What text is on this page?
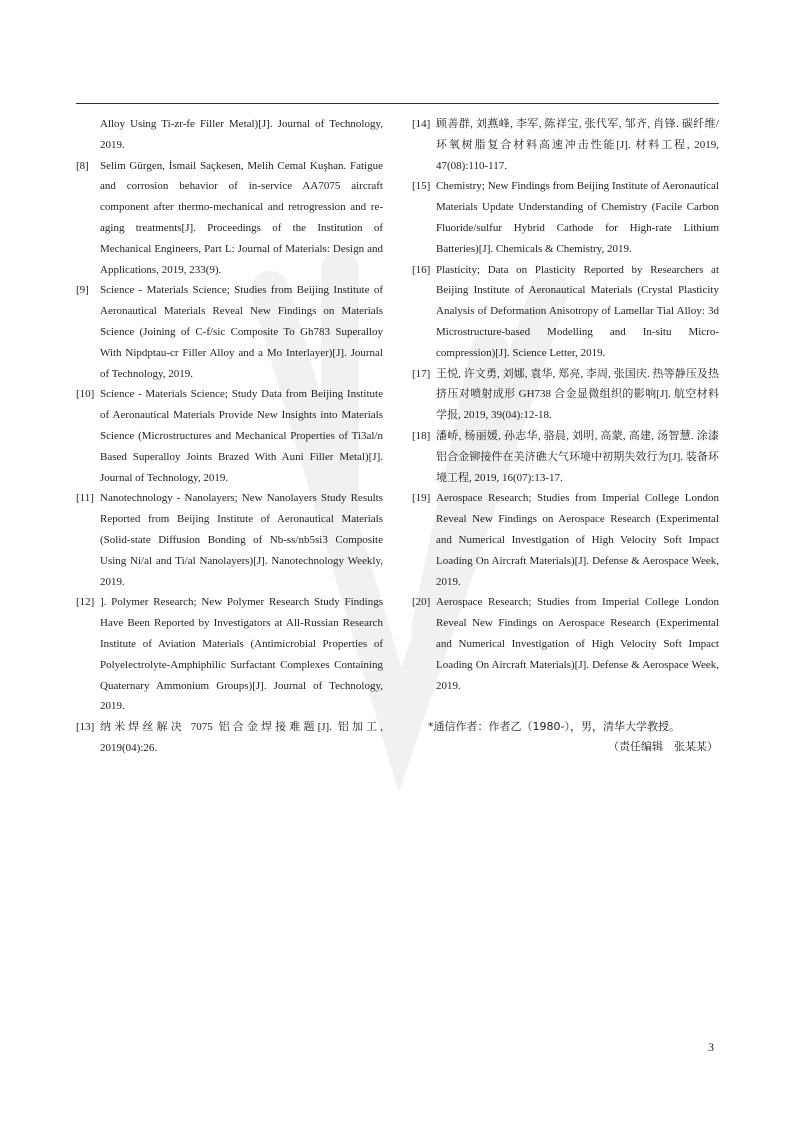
Alloy Using Ti-zr-fe Filler Metal)[J]. Journal of Technology, 2019.
[8] Selim Gürgen, İsmail Saçkesen, Melih Cemal Kuşhan. Fatigue and corrosion behavior of in-service AA7075 aircraft component after thermo-mechanical and retrogression and re-aging treatments[J]. Proceedings of the Institution of Mechanical Engineers, Part L: Journal of Materials: Design and Applications, 2019, 233(9).
[9] Science - Materials Science; Studies from Beijing Institute of Aeronautical Materials Reveal New Findings on Materials Science (Joining of C-f/sic Composite To Gh783 Superalloy With Nipdptau-cr Filler Alloy and a Mo Interlayer)[J]. Journal of Technology, 2019.
[10] Science - Materials Science; Study Data from Beijing Institute of Aeronautical Materials Provide New Insights into Materials Science (Microstructures and Mechanical Properties of Ti3al/n Based Superalloy Joints Brazed With Auni Filler Metal)[J]. Journal of Technology, 2019.
[11] Nanotechnology - Nanolayers; New Nanolayers Study Results Reported from Beijing Institute of Aeronautical Materials (Solid-state Diffusion Bonding of Nb-ss/nb5si3 Composite Using Ni/al and Ti/al Nanolayers)[J]. Nanotechnology Weekly, 2019.
[12] ]. Polymer Research; New Polymer Research Study Findings Have Been Reported by Investigators at All-Russian Research Institute of Aviation Materials (Antimicrobial Properties of Polyelectrolyte-Amphiphilic Surfactant Complexes Containing Quaternary Ammonium Groups)[J]. Journal of Technology, 2019.
[13] 纳米焊丝解决 7075 铝合金焊接难题[J]. 铝加工, 2019(04):26.
[14] 顾善群, 刘燕峰, 李军, 陈祥宝, 张代军, 邹齐, 肖锋. 碳纤维/环氧树脂复合材料高速冲击性能[J]. 材料工程, 2019, 47(08):110-117.
[15] Chemistry; New Findings from Beijing Institute of Aeronautical Materials Update Understanding of Chemistry (Facile Carbon Fluoride/sulfur Hybrid Cathode for High-rate Lithium Batteries)[J]. Chemicals & Chemistry, 2019.
[16] Plasticity; Data on Plasticity Reported by Researchers at Beijing Institute of Aeronautical Materials (Crystal Plasticity Analysis of Deformation Anisotropy of Lamellar Tial Alloy: 3d Microstructure-based Modelling and In-situ Micro-compression)[J]. Science Letter, 2019.
[17] 王悦, 许文勇, 刘娜, 袁华, 郑亮, 李周, 张国庆. 热等静压及热挤压对喷射成形 GH738 合金显微组织的影响[J]. 航空材料学报, 2019, 39(04):12-18.
[18] 潘峤, 杨丽媛, 孙志华, 骆晨, 刘明, 高蒙, 高建, 汤智慧. 涂漆铝合金铆接件在美济礁大气环境中初期失效行为[J]. 装备环境工程, 2019, 16(07):13-17.
[19] Aerospace Research; Studies from Imperial College London Reveal New Findings on Aerospace Research (Experimental and Numerical Investigation of High Velocity Soft Impact Loading On Aircraft Materials)[J]. Defense & Aerospace Week, 2019.
[20] Aerospace Research; Studies from Imperial College London Reveal New Findings on Aerospace Research (Experimental and Numerical Investigation of High Velocity Soft Impact Loading On Aircraft Materials)[J]. Defense & Aerospace Week, 2019.
*通信作者：作者乙（1980-），男，清华大学教授。
（责任编辑　张某某）
3
